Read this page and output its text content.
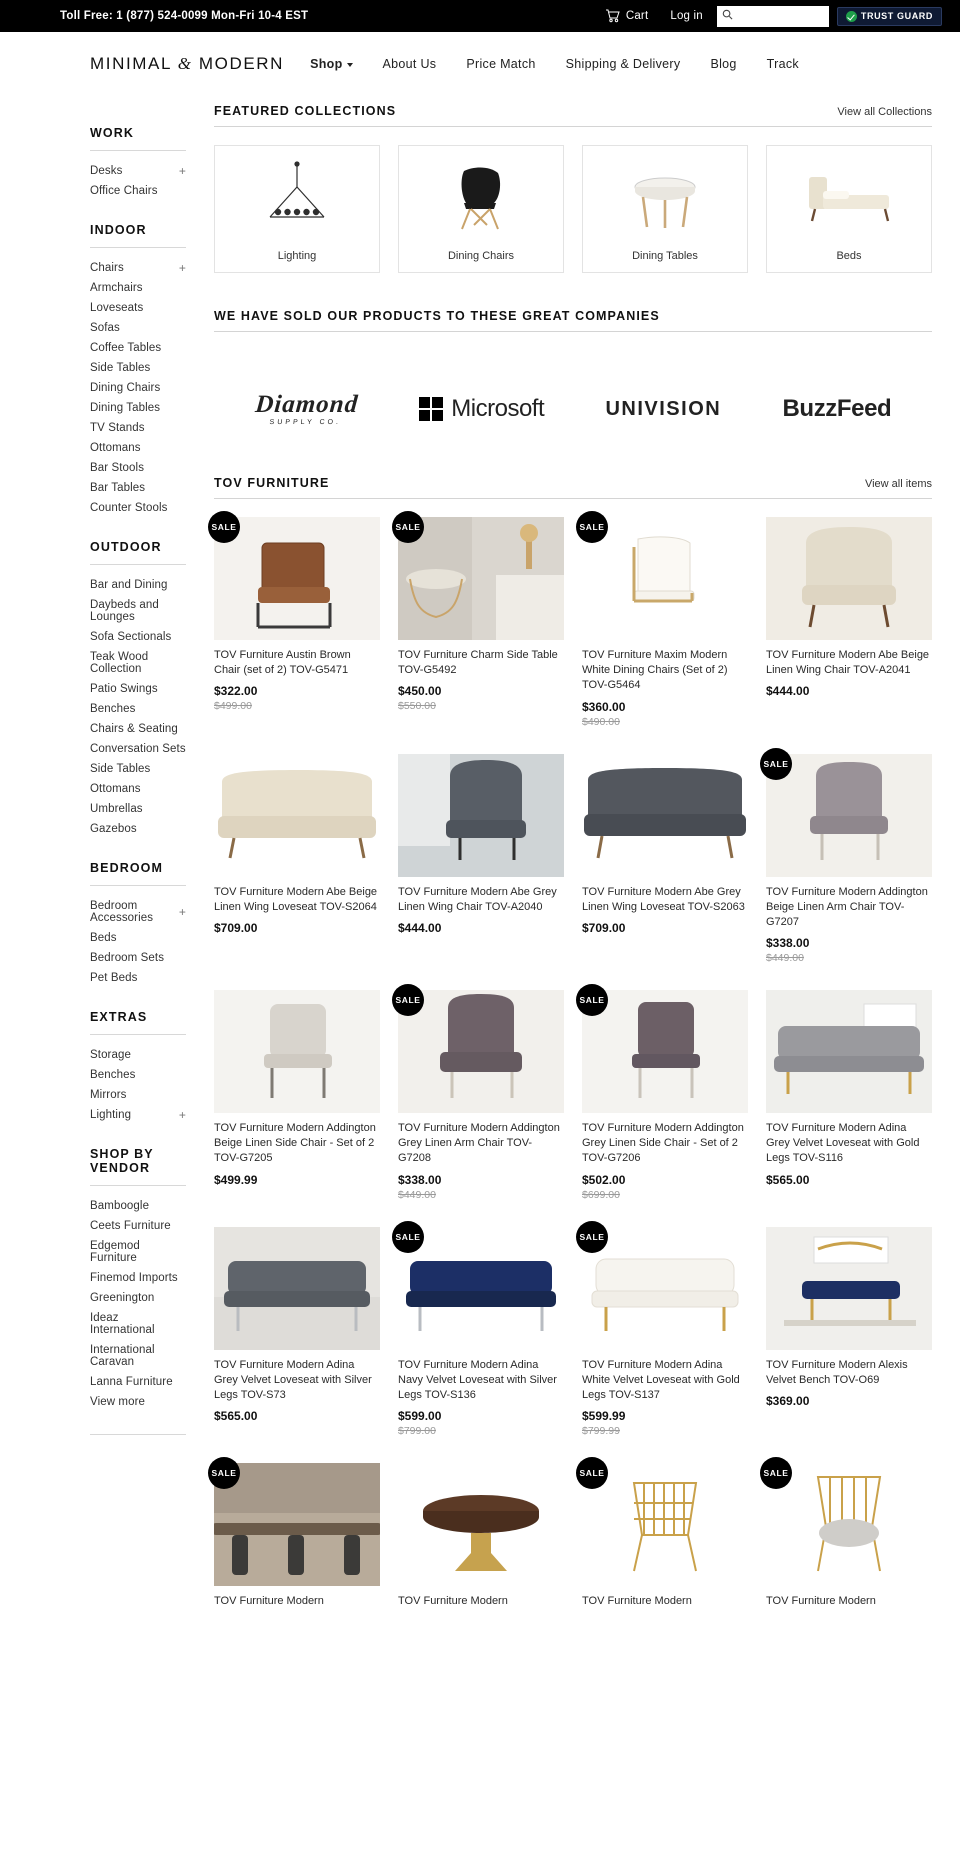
Toll Free: 1 (877) 524-0099 Mon-Fri 10-4 EST	Cart Log in	TRUST GUARD
MINIMAL & MODERN Shop	About Us Price Match Shipping & Delivery Blog Track
WORK
Desks	+
Office Chairs
INDOOR
Chairs	+
Armchairs
Loveseats
Sofas
Coffee Tables
Side Tables
Dining Chairs
Dining Tables
TV Stands
Ottomans
Bar Stools
Bar Tables
Counter Stools
OUTDOOR
Bar and Dining
Daybeds and Lounges
Sofa Sectionals
Teak Wood Collection
Patio Swings
Benches
Chairs & Seating
Conversation Sets
Side Tables
Ottomans
Umbrellas
Gazebos
BEDROOM
Bedroom Accessories	+
Beds
Bedroom Sets
Pet Beds
EXTRAS
Storage
Benches
Mirrors
Lighting	+
SHOP BY VENDOR
Bamboogle
Ceets Furniture
Edgemod Furniture
Finemod Imports
Greenington
Ideaz International
International Caravan
Lanna Furniture
View more
FEATURED COLLECTIONS	View all Collections
Lighting	Dining Chairs	Dining Tables	Beds
WE HAVE SOLD OUR PRODUCTS TO THESE GREAT COMPANIES
Diamond
SUPPLY CO.
Microsoft	UNIVISION	BuzzFeed
TOV FURNITURE	View all items
SALE
TOV Furniture Austin Brown Chair (set of 2) TOV-G5471
$322.00
$499.00
SALE
TOV Furniture Charm Side Table TOV-G5492
$450.00
$550.00
SALE
TOV Furniture Maxim Modern White Dining Chairs (Set of 2) TOV-G5464
$360.00
$490.00
TOV Furniture Modern Abe Beige Linen Wing Chair TOV-A2041
$444.00
TOV Furniture Modern Abe Beige Linen Wing Loveseat TOV-S2064
$709.00
TOV Furniture Modern Abe Grey Linen Wing Chair TOV-A2040
$444.00
TOV Furniture Modern Abe Grey Linen Wing Loveseat TOV-S2063
$709.00
SALE
TOV Furniture Modern Addington Beige Linen Arm Chair TOV-G7207
$338.00
$449.00
TOV Furniture Modern Addington Beige Linen Side Chair - Set of 2 TOV-G7205
$499.99
SALE
TOV Furniture Modern Addington Grey Linen Arm Chair TOV-G7208
$338.00
$449.00
SALE
TOV Furniture Modern Addington Grey Linen Side Chair - Set of 2 TOV-G7206
$502.00
$699.00
TOV Furniture Modern Adina Grey Velvet Loveseat with Gold Legs TOV-S116
$565.00
TOV Furniture Modern Adina Grey Velvet Loveseat with Silver Legs TOV-S73
$565.00
SALE
TOV Furniture Modern Adina Navy Velvet Loveseat with Silver Legs TOV-S136
$599.00
$799.00
SALE
TOV Furniture Modern Adina White Velvet Loveseat with Gold Legs TOV-S137
$599.99
$799.99
TOV Furniture Modern Alexis Velvet Bench TOV-O69
$369.00
SALE
TOV Furniture Modern	TOV Furniture Modern
SALE
TOV Furniture Modern
SALE
TOV Furniture Modern
